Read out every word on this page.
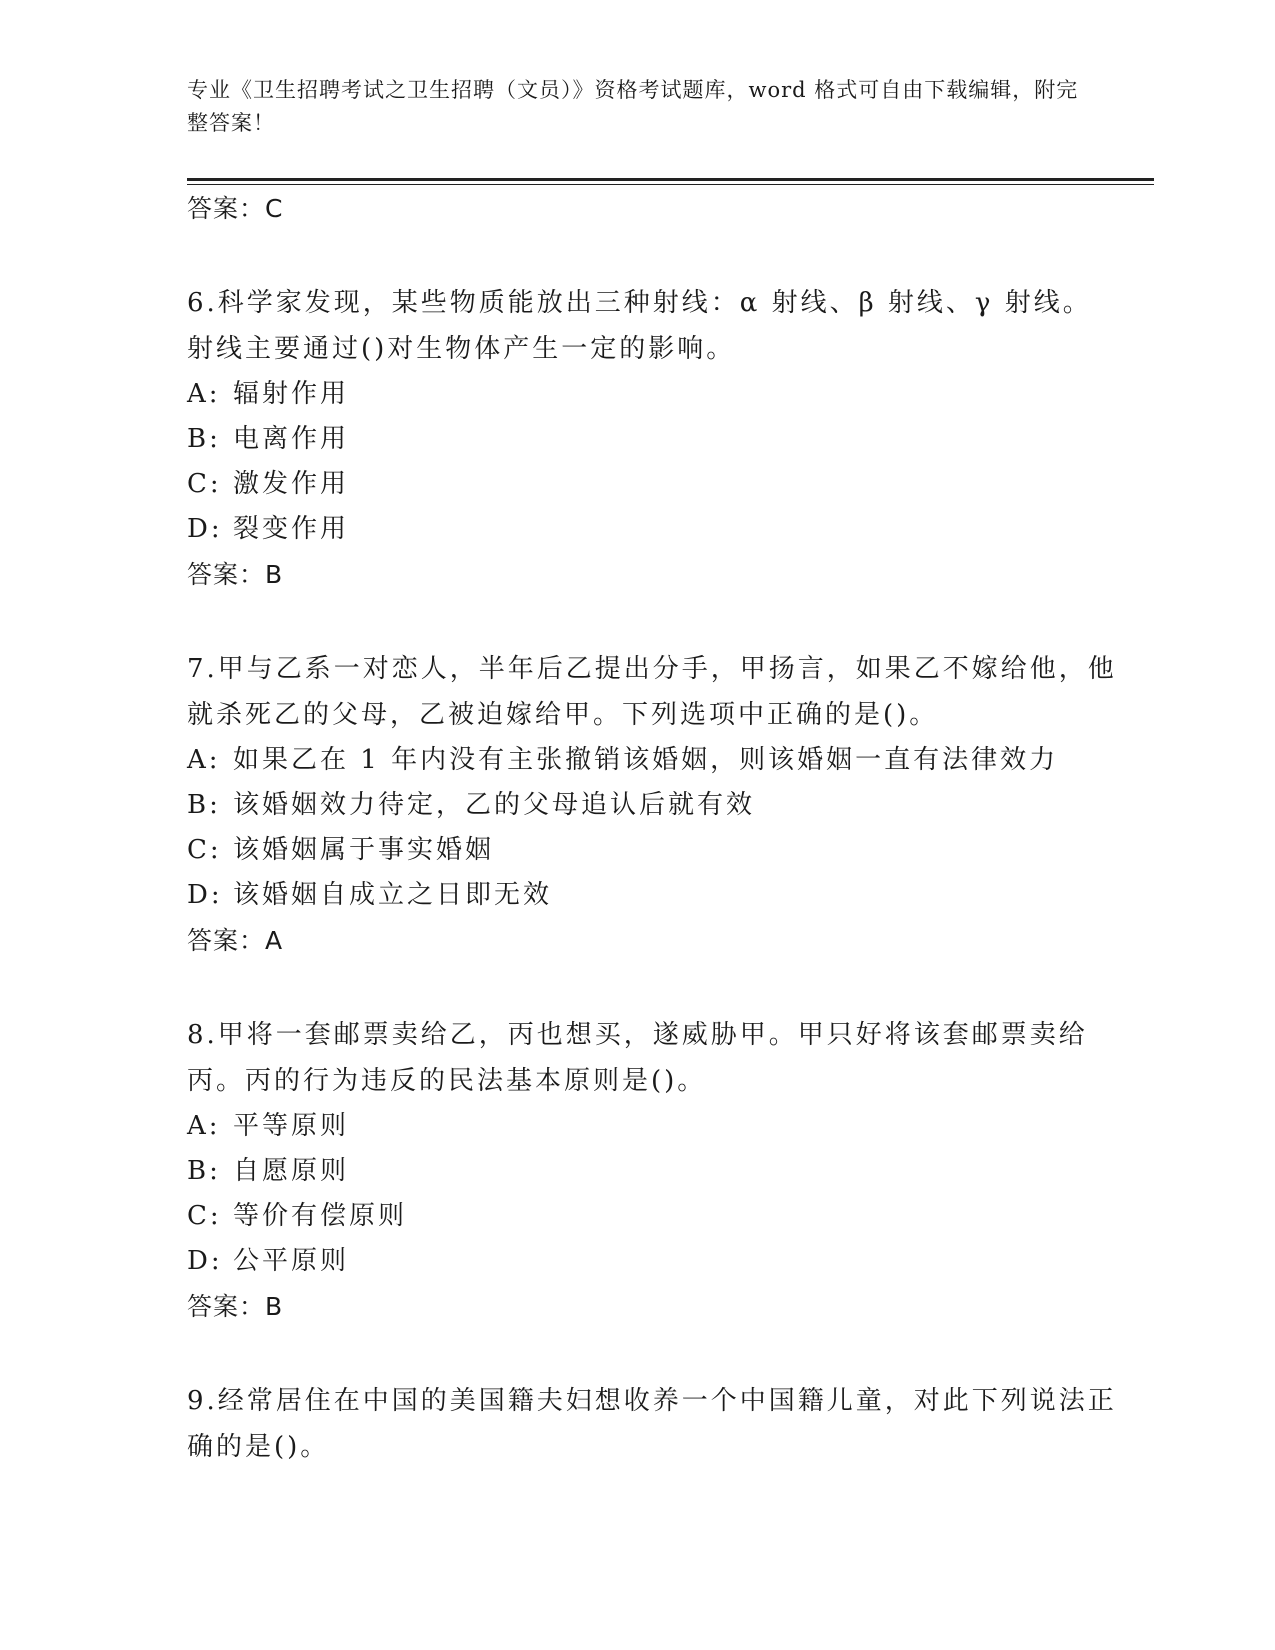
专业《卫生招聘考试之卫生招聘（文员）》资格考试题库，word 格式可自由下载编辑，附完整答案！
答案：C

6.科学家发现，某些物质能放出三种射线：α 射线、β 射线、γ 射线。射线主要通过()对生物体产生一定的影响。

A: 辐射作用
B: 电离作用
C: 激发作用
D: 裂变作用
答案：B

7.甲与乙系一对恋人，半年后乙提出分手，甲扬言，如果乙不嫁给他，他就杀死乙的父母，乙被迫嫁给甲。下列选项中正确的是()。

A: 如果乙在 1 年内没有主张撤销该婚姻，则该婚姻一直有法律效力
B: 该婚姻效力待定，乙的父母追认后就有效
C: 该婚姻属于事实婚姻
D: 该婚姻自成立之日即无效
答案：A

8.甲将一套邮票卖给乙，丙也想买，遂威胁甲。甲只好将该套邮票卖给丙。丙的行为违反的民法基本原则是()。

A: 平等原则
B: 自愿原则
C: 等价有偿原则
D: 公平原则
答案：B

9.经常居住在中国的美国籍夫妇想收养一个中国籍儿童，对此下列说法正确的是()。
